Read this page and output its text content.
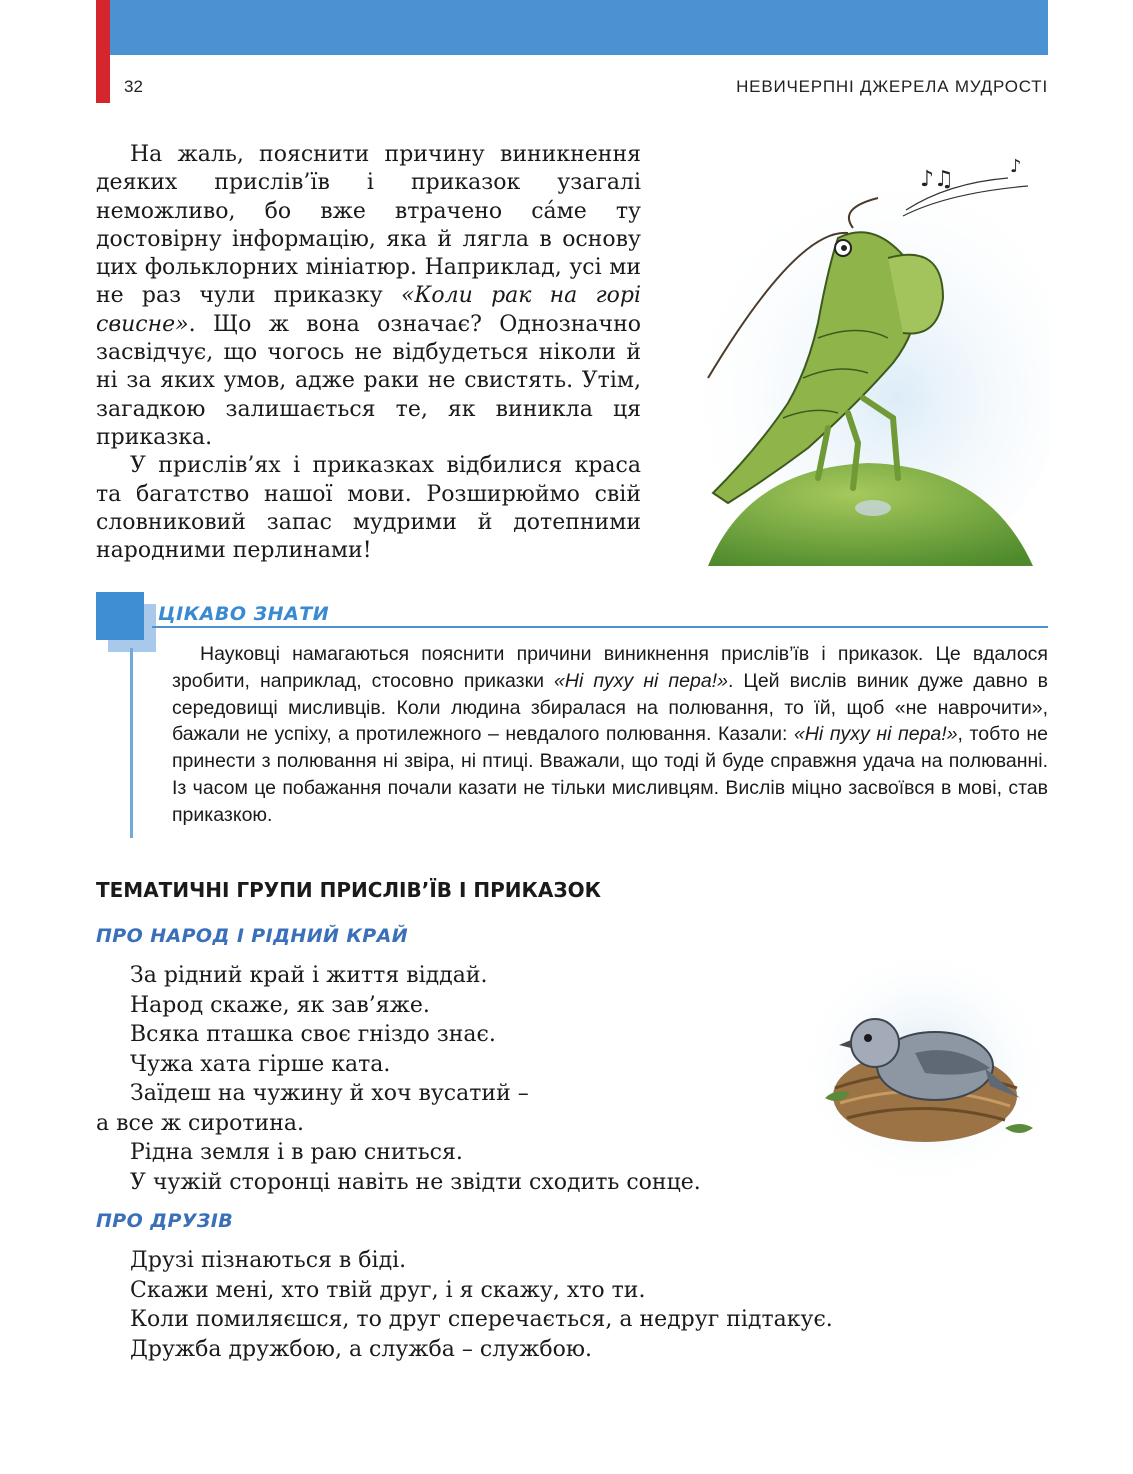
32	НЕВИЧЕРПНІ ДЖЕРЕЛА МУДРОСТІ

На жаль, пояснити причину виникнення деяких прислів’їв і приказок узагалі неможливо, бо вже втрачено са́ме ту достовірну інформацію, яка й лягла в основу цих фольклорних мініатюр. Наприклад, усі ми не раз чули приказку «Коли рак на горі свисне». Що ж вона означає? Однозначно засвідчує, що чогось не відбудеться ніколи й ні за яких умов, адже раки не свистять. Утім, загадкою залишається те, як виникла ця приказка.

У прислів’ях і приказках відбилися краса та багатство нашої мови. Розширюймо свій словниковий запас мудрими й дотепними народними перлинами!

♪♫
♪
ЦІКАВО ЗНАТИ

Науковці намагаються пояснити причини виникнення прислів’їв і приказок. Це вдалося зробити, наприклад, стосовно приказки «Ні пуху ні пера!». Цей вислів виник дуже давно в середовищі мисливців. Коли людина збиралася на полювання, то їй, щоб «не наврочити», бажали не успіху, а протилежного – невдалого полювання. Казали: «Ні пуху ні пера!», тобто не принести з полювання ні звіра, ні птиці. Вважали, що тоді й буде справжня удача на полюванні. Із часом це побажання почали казати не тільки мисливцям. Вислів міцно засвоївся в мові, став приказкою.

ТЕМАТИЧНІ ГРУПИ ПРИСЛІВ’ЇВ І ПРИКАЗОК
ПРО НАРОД І РІДНИЙ КРАЙ
За рідний край і життя віддай.
Народ скаже, як зав’яже.
Всяка пташка своє гніздо знає.
Чужа хата гірше ката.
Заїдеш на чужину й хоч вусатий –
а все ж сиротина.
Рідна земля і в раю сниться.
У чужій сторонці навіть не звідти сходить сонце.
ПРО ДРУЗІВ
Друзі пізнаються в біді.
Скажи мені, хто твій друг, і я скажу, хто ти.
Коли помиляєшся, то друг сперечається, а недруг підтакує.
Дружба дружбою, а служба – службою.
